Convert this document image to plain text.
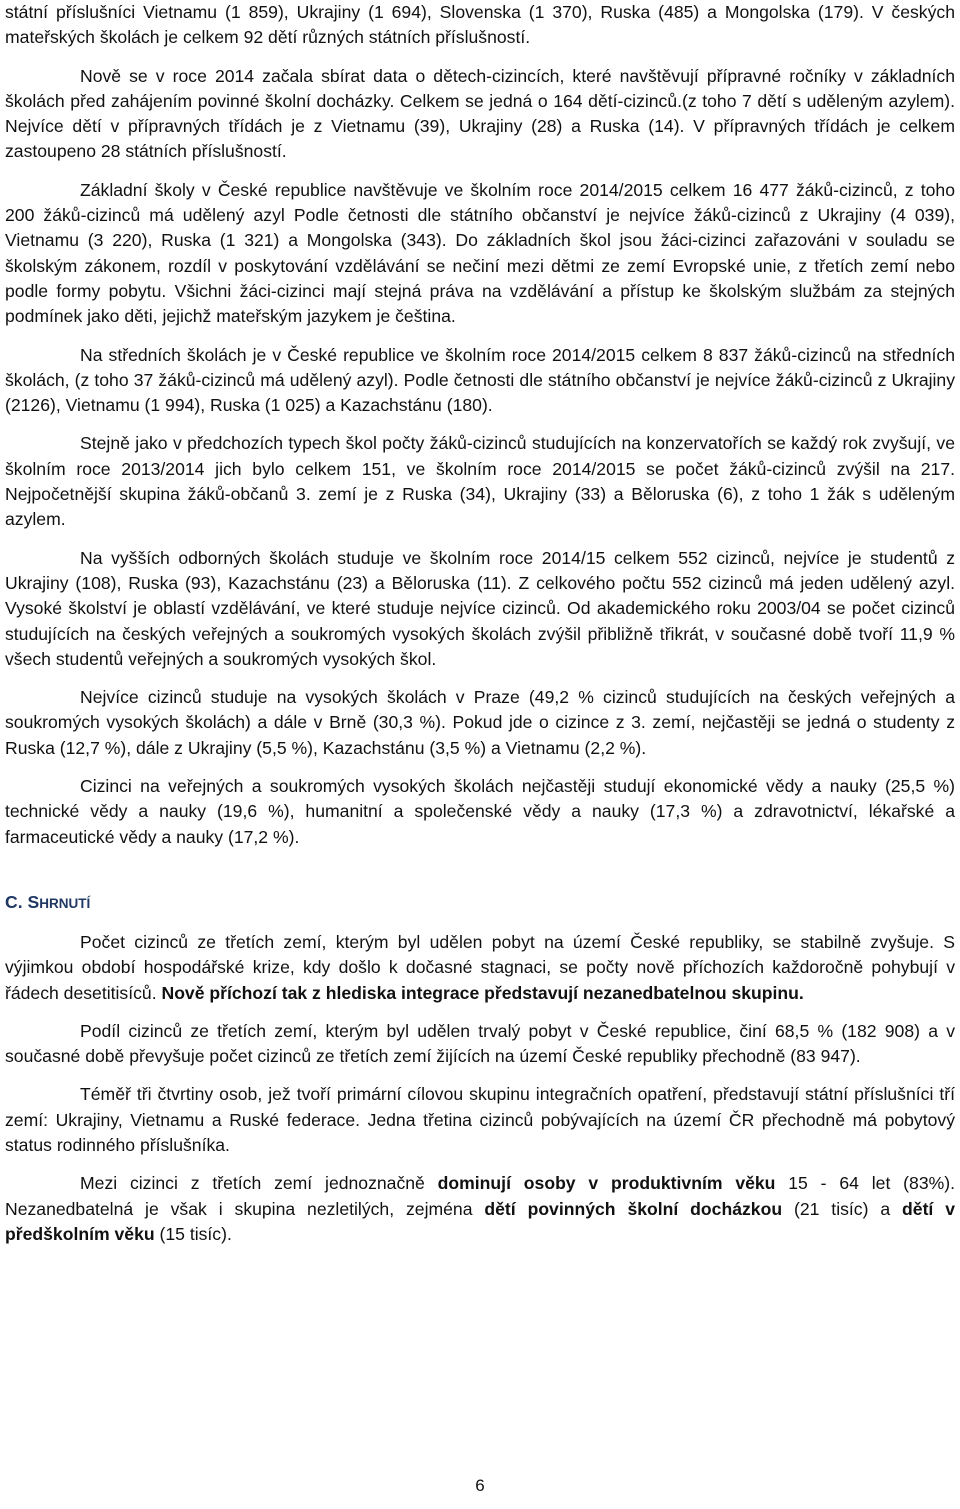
státní příslušníci Vietnamu (1 859), Ukrajiny (1 694), Slovenska (1 370), Ruska (485) a Mongolska (179). V českých mateřských školách je celkem 92 dětí různých státních příslušností.

Nově se v roce 2014 začala sbírat data o dětech-cizincích, které navštěvují přípravné ročníky v základních školách před zahájením povinné školní docházky. Celkem se jedná o 164 dětí-cizinců.(z toho 7 dětí s uděleným azylem). Nejvíce dětí v přípravných třídách je z Vietnamu (39), Ukrajiny (28) a Ruska (14). V přípravných třídách je celkem zastoupeno 28 státních příslušností.

Základní školy v České republice navštěvuje ve školním roce 2014/2015 celkem 16 477 žáků-cizinců, z toho 200 žáků-cizinců má udělený azyl Podle četnosti dle státního občanství je nejvíce žáků-cizinců z Ukrajiny (4 039), Vietnamu (3 220), Ruska (1 321) a Mongolska (343). Do základních škol jsou žáci-cizinci zařazováni v souladu se školským zákonem, rozdíl v poskytování vzdělávání se nečiní mezi dětmi ze zemí Evropské unie, z třetích zemí nebo podle formy pobytu. Všichni žáci-cizinci mají stejná práva na vzdělávání a přístup ke školským službám za stejných podmínek jako děti, jejichž mateřským jazykem je čeština.

Na středních školách je v České republice ve školním roce 2014/2015 celkem 8 837 žáků-cizinců na středních školách, (z toho 37 žáků-cizinců má udělený azyl). Podle četnosti dle státního občanství je nejvíce žáků-cizinců z Ukrajiny (2126), Vietnamu (1 994), Ruska (1 025) a Kazachstánu (180).

Stejně jako v předchozích typech škol počty žáků-cizinců studujících na konzervatořích se každý rok zvyšují, ve školním roce 2013/2014 jich bylo celkem 151, ve školním roce 2014/2015 se počet žáků-cizinců zvýšil na 217. Nejpočetnější skupina žáků-občanů 3. zemí je z Ruska (34), Ukrajiny (33) a Běloruska (6), z toho 1 žák s uděleným azylem.

Na vyšších odborných školách studuje ve školním roce 2014/15 celkem 552 cizinců, nejvíce je studentů z Ukrajiny (108), Ruska (93), Kazachstánu (23) a Běloruska (11). Z celkového počtu 552 cizinců má jeden udělený azyl. Vysoké školství je oblastí vzdělávání, ve které studuje nejvíce cizinců. Od akademického roku 2003/04 se počet cizinců studujících na českých veřejných a soukromých vysokých školách zvýšil přibližně třikrát, v současné době tvoří 11,9 % všech studentů veřejných a soukromých vysokých škol.

Nejvíce cizinců studuje na vysokých školách v Praze (49,2 % cizinců studujících na českých veřejných a soukromých vysokých školách) a dále v Brně (30,3 %). Pokud jde o cizince z 3. zemí, nejčastěji se jedná o studenty z Ruska (12,7 %), dále z Ukrajiny (5,5 %), Kazachstánu (3,5 %) a Vietnamu (2,2 %).

Cizinci na veřejných a soukromých vysokých školách nejčastěji studují ekonomické vědy a nauky (25,5 %) technické vědy a nauky (19,6 %), humanitní a společenské vědy a nauky (17,3 %) a zdravotnictví, lékařské a farmaceutické vědy a nauky (17,2 %).

C. SHRNUTÍ

Počet cizinců ze třetích zemí, kterým byl udělen pobyt na území České republiky, se stabilně zvyšuje. S výjimkou období hospodářské krize, kdy došlo k dočasné stagnaci, se počty nově příchozích každoročně pohybují v řádech desetitisíců. Nově příchozí tak z hlediska integrace představují nezanedbatelnou skupinu.

Podíl cizinců ze třetích zemí, kterým byl udělen trvalý pobyt v České republice, činí 68,5 % (182 908) a v současné době převyšuje počet cizinců ze třetích zemí žijících na území České republiky přechodně (83 947).

Téměř tři čtvrtiny osob, jež tvoří primární cílovou skupinu integračních opatření, představují státní příslušníci tří zemí: Ukrajiny, Vietnamu a Ruské federace. Jedna třetina cizinců pobývajících na území ČR přechodně má pobytový status rodinného příslušníka.

Mezi cizinci z třetích zemí jednoznačně dominují osoby v produktivním věku 15 - 64 let (83%). Nezanedbatelná je však i skupina nezletilých, zejména dětí povinných školní docházkou (21 tisíc) a dětí v předškolním věku (15 tisíc).

6
